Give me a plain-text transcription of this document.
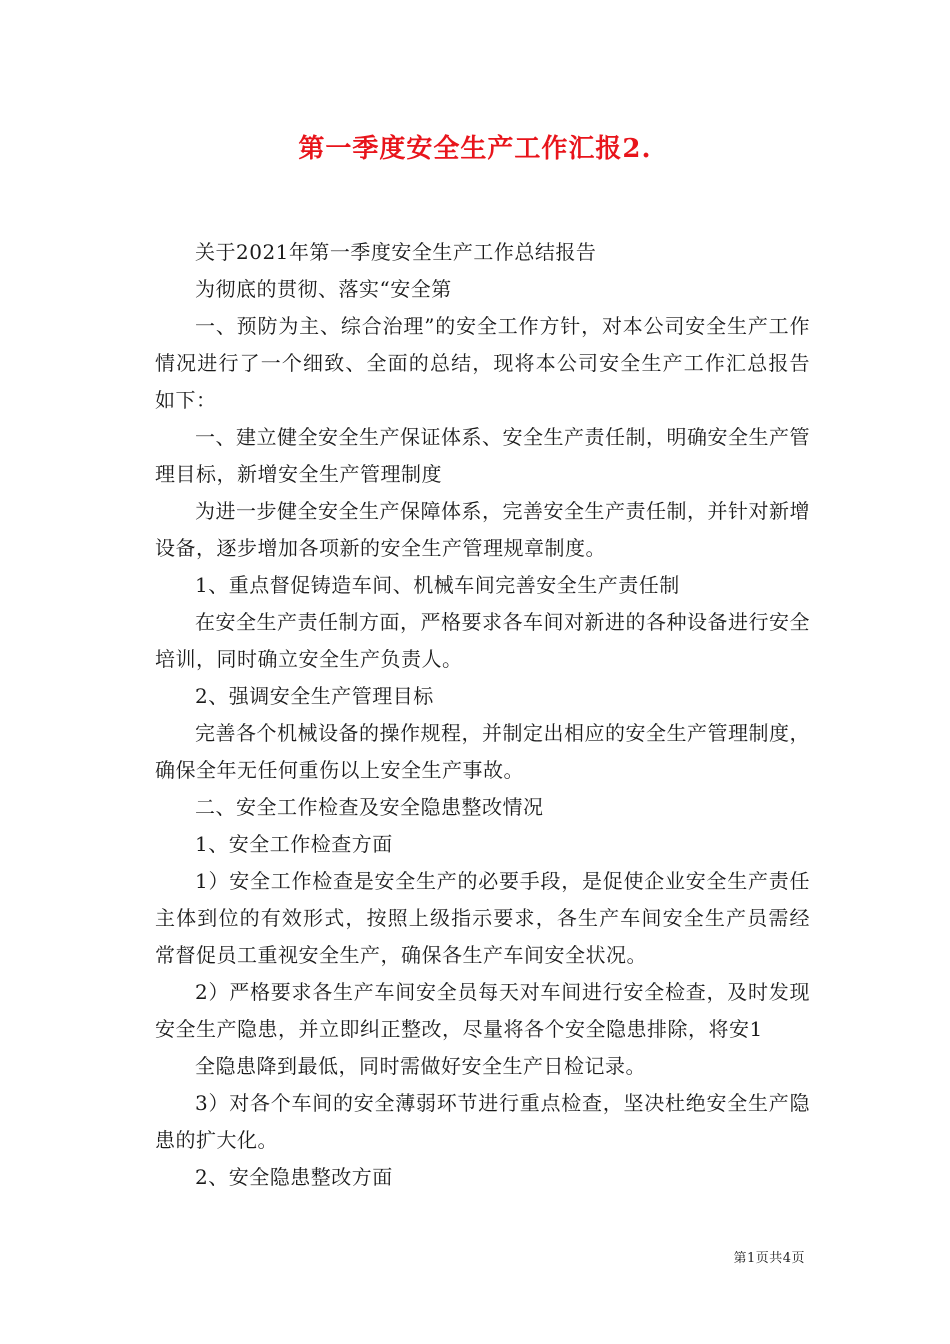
第一季度安全生产工作汇报2.

关于2021年第一季度安全生产工作总结报告

为彻底的贯彻、落实“安全第

一、预防为主、综合治理”的安全工作方针，对本公司安全生产工作情况进行了一个细致、全面的总结，现将本公司安全生产工作汇总报告如下：

一、建立健全安全生产保证体系、安全生产责任制，明确安全生产管理目标，新增安全生产管理制度

为进一步健全安全生产保障体系，完善安全生产责任制，并针对新增设备，逐步增加各项新的安全生产管理规章制度。

1、重点督促铸造车间、机械车间完善安全生产责任制

在安全生产责任制方面，严格要求各车间对新进的各种设备进行安全培训，同时确立安全生产负责人。

2、强调安全生产管理目标

完善各个机械设备的操作规程，并制定出相应的安全生产管理制度，确保全年无任何重伤以上安全生产事故。

二、安全工作检查及安全隐患整改情况

1、安全工作检查方面

1）安全工作检查是安全生产的必要手段，是促使企业安全生产责任主体到位的有效形式，按照上级指示要求，各生产车间安全生产员需经常督促员工重视安全生产，确保各生产车间安全状况。

2）严格要求各生产车间安全员每天对车间进行安全检查，及时发现安全生产隐患，并立即纠正整改，尽量将各个安全隐患排除，将安1

全隐患降到最低，同时需做好安全生产日检记录。

3）对各个车间的安全薄弱环节进行重点检查，坚决杜绝安全生产隐患的扩大化。

2、安全隐患整改方面

第1页共4页
